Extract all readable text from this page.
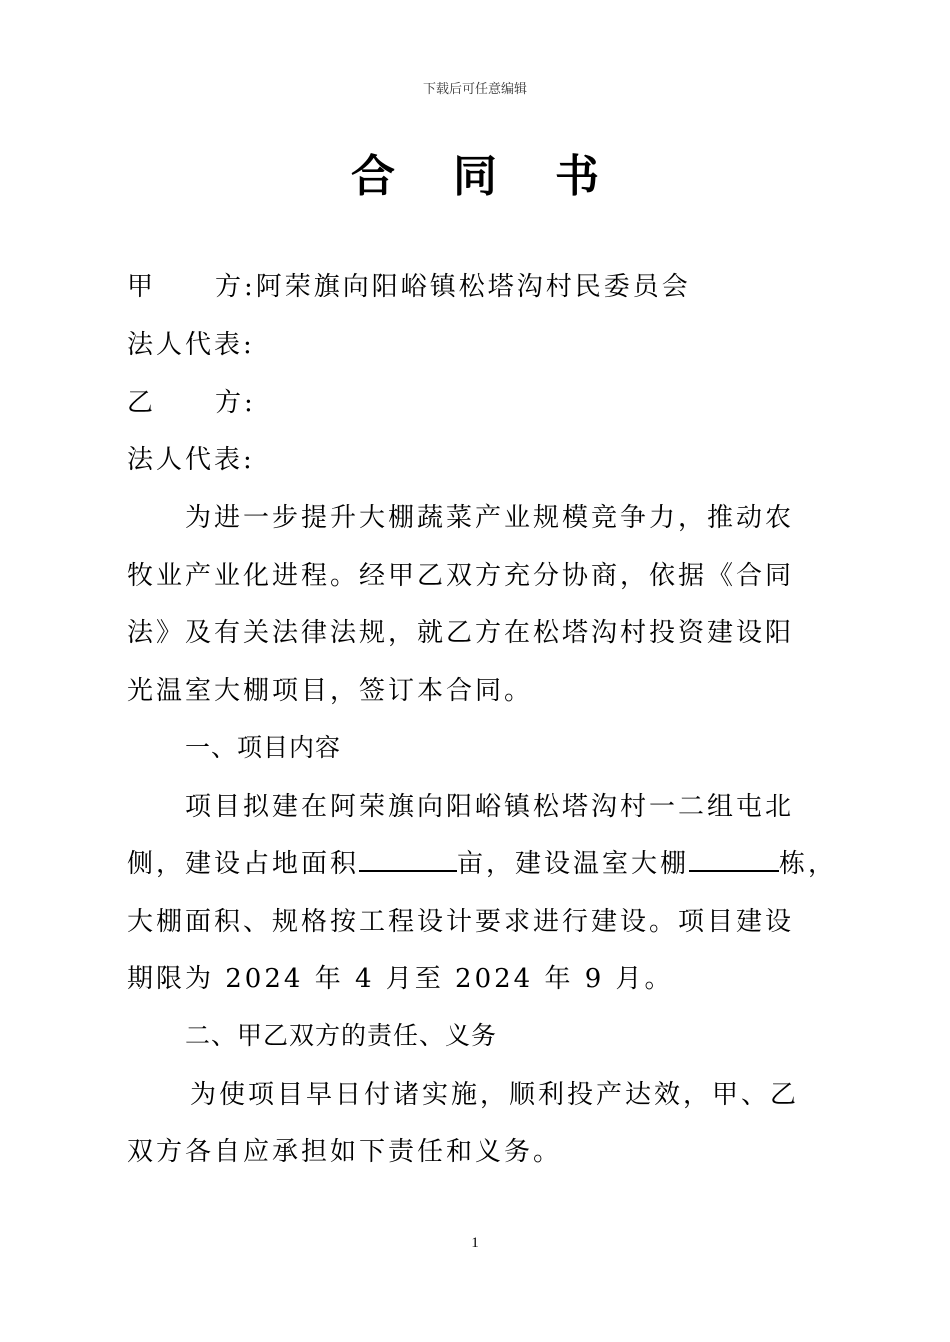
下载后可任意编辑
合同书
甲 方:阿荣旗向阳峪镇松塔沟村民委员会
法人代表:
乙 方:
法人代表:
为进一步提升大棚蔬菜产业规模竞争力，推动农
牧业产业化进程。经甲乙双方充分协商，依据《合同
法》及有关法律法规，就乙方在松塔沟村投资建设阳
光温室大棚项目，签订本合同。
一、项目内容
项目拟建在阿荣旗向阳峪镇松塔沟村一二组屯北
侧，建设占地面积	亩，建设温室大棚	栋，
大棚面积、规格按工程设计要求进行建设。项目建设
期限为 2024 年 4 月至 2024 年 9 月。
二、甲乙双方的责任、义务
为使项目早日付诸实施，顺利投产达效，甲、乙
双方各自应承担如下责任和义务。
1
